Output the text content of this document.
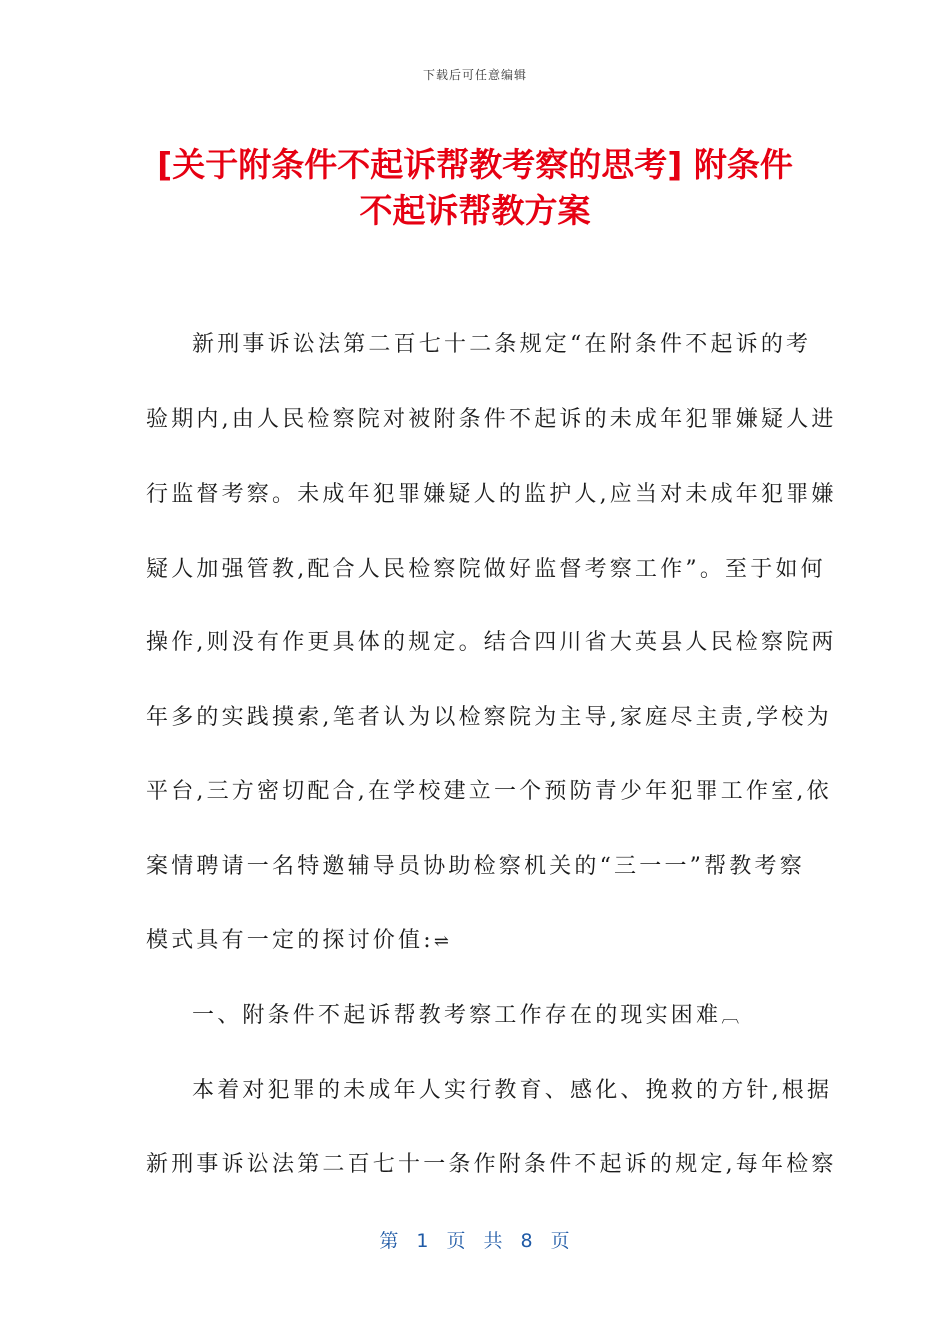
下载后可任意编辑
[关于附条件不起诉帮教考察的思考] 附条件
不起诉帮教方案
新刑事诉讼法第二百七十二条规定“在附条件不起诉的考
验期内,由人民检察院对被附条件不起诉的未成年犯罪嫌疑人进
行监督考察。未成年犯罪嫌疑人的监护人,应当对未成年犯罪嫌
疑人加强管教,配合人民检察院做好监督考察工作”。至于如何
操作,则没有作更具体的规定。结合四川省大英县人民检察院两
年多的实践摸索,笔者认为以检察院为主导,家庭尽主责,学校为
平台,三方密切配合,在学校建立一个预防青少年犯罪工作室,依
案情聘请一名特邀辅导员协助检察机关的“三一一”帮教考察
模式具有一定的探讨价值:⇌
一、附条件不起诉帮教考察工作存在的现实困难︹
本着对犯罪的未成年人实行教育、感化、挽救的方针,根据
新刑事诉讼法第二百七十一条作附条件不起诉的规定,每年检察
第 1 页 共 8 页
